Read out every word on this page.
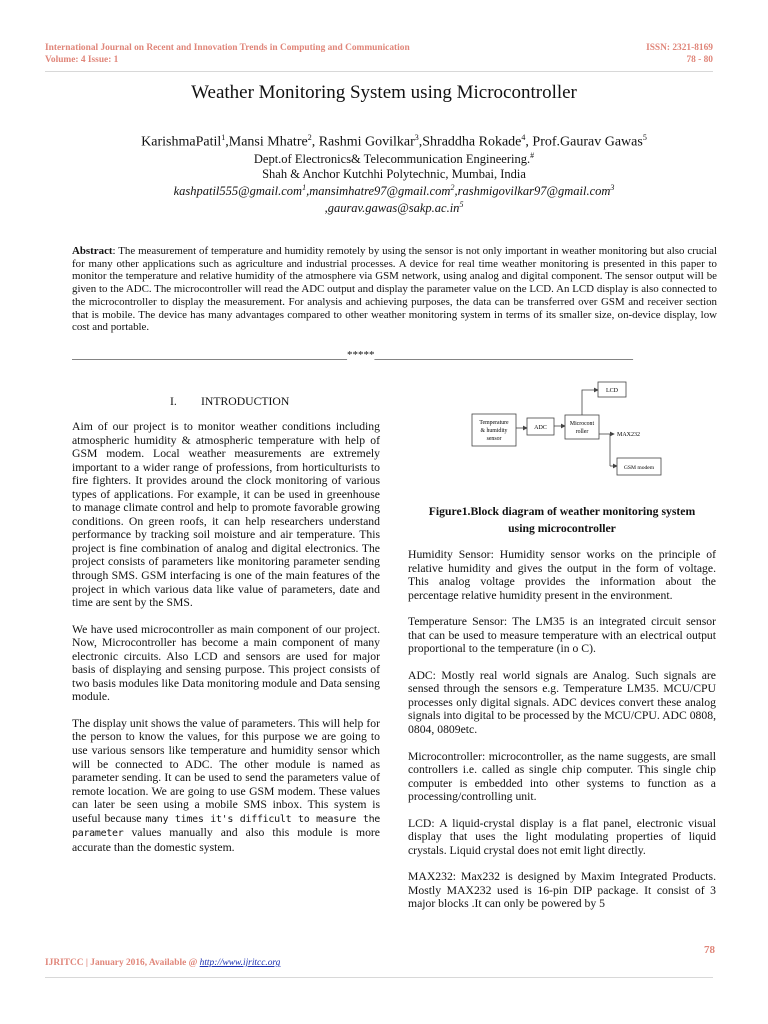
International Journal on Recent and Innovation Trends in Computing and Communication
Volume: 4 Issue: 1
ISSN: 2321-8169
78 - 80
Weather Monitoring System using Microcontroller
KarishmaPatil$^1$,Mansi Mhatre$^2$, Rashmi Govilkar$^3$,Shraddha Rokade$^4$, Prof.Gaurav Gawas$^5$
Dept.of Electronics& Telecommunication Engineering.#
Shah & Anchor Kutchhi Polytechnic, Mumbai, India
kashpatil555@gmail.com$^1$,mansimhatre97@gmail.com$^2$,rashmigovilkar97@gmail.com$^3$
$,gaurav.gawas@sakp.ac.in^5$

Abstract: The measurement of temperature and humidity remotely by using the sensor is not only important in weather monitoring but also crucial for many other applications such as agriculture and industrial processes. A device for real time weather monitoring is presented in this paper to monitor the temperature and relative humidity of the atmosphere via GSM network, using analog and digital component. The sensor output will be given to the ADC. The microcontroller will read the ADC output and display the parameter value on the LCD. An LCD display is also connected to the microcontroller to display the measurement. For analysis and achieving purposes, the data can be transferred over GSM and receiver section that is mobile. The device has many advantages compared to other weather monitoring system in terms of its smaller size, on-device display, low cost and portable.

__________________________________________________*****_______________________________________________
I. INTRODUCTION

Aim of our project is to monitor weather conditions including atmospheric humidity & atmospheric temperature with help of GSM modem. Local weather measurements are extremely important to a wider range of professions, from horticulturists to fire fighters. It provides around the clock monitoring of various types of applications. For example, it can be used in greenhouse to manage climate control and help to promote favorable growing conditions. On green roofs, it can help researchers understand performance by tracking soil moisture and air temperature. This project is fine combination of analog and digital electronics. The project consists of parameters like monitoring parameter sending through SMS. GSM interfacing is one of the main features of the project in which various data like value of parameters, date and time are sent by the SMS.

We have used microcontroller as main component of our project. Now, Microcontroller has become a main component of many electronic circuits. Also LCD and sensors are used for major basis of displaying and sensing purpose. This project consists of two basis modules like Data monitoring module and Data sensing module.

The display unit shows the value of parameters. This will help for the person to know the values, for this purpose we are going to use various sensors like temperature and humidity sensor which will be connected to ADC. The other module is named as parameter sending. It can be used to send the parameters value of remote location. We are going to use GSM modem. These values can later be seen using a mobile SMS inbox. This system is useful because many times it's difficult to measure the parameter values manually and also this module is more accurate than the domestic system.

Temperature
& humidity
sensor
ADC
Microcont
roller
LCD
MAX232
GSM modem
Figure1.Block diagram of weather monitoring system
using microcontroller

Humidity Sensor: Humidity sensor works on the principle of relative humidity and gives the output in the form of voltage. This analog voltage provides the information about the percentage relative humidity present in the environment.

Temperature Sensor: The LM35 is an integrated circuit sensor that can be used to measure temperature with an electrical output proportional to the temperature (in o C).

ADC: Mostly real world signals are Analog. Such signals are sensed through the sensors e.g. Temperature LM35. MCU/CPU processes only digital signals. ADC devices convert these analog signals into digital to be processed by the MCU/CPU. ADC 0808, 0804, 0809etc.

Microcontroller: microcontroller, as the name suggests, are small controllers i.e. called as single chip computer. This single chip computer is embedded into other systems to function as a processing/controlling unit.

LCD: A liquid-crystal display is a flat panel, electronic visual display that uses the light modulating properties of liquid crystals. Liquid crystal does not emit light directly.

MAX232: Max232 is designed by Maxim Integrated Products. Mostly MAX232 used is 16-pin DIP package. It consist of 3 major blocks .It can only be powered by 5

78
IJRITCC | January 2016, Available @ http://www.ijritcc.org
